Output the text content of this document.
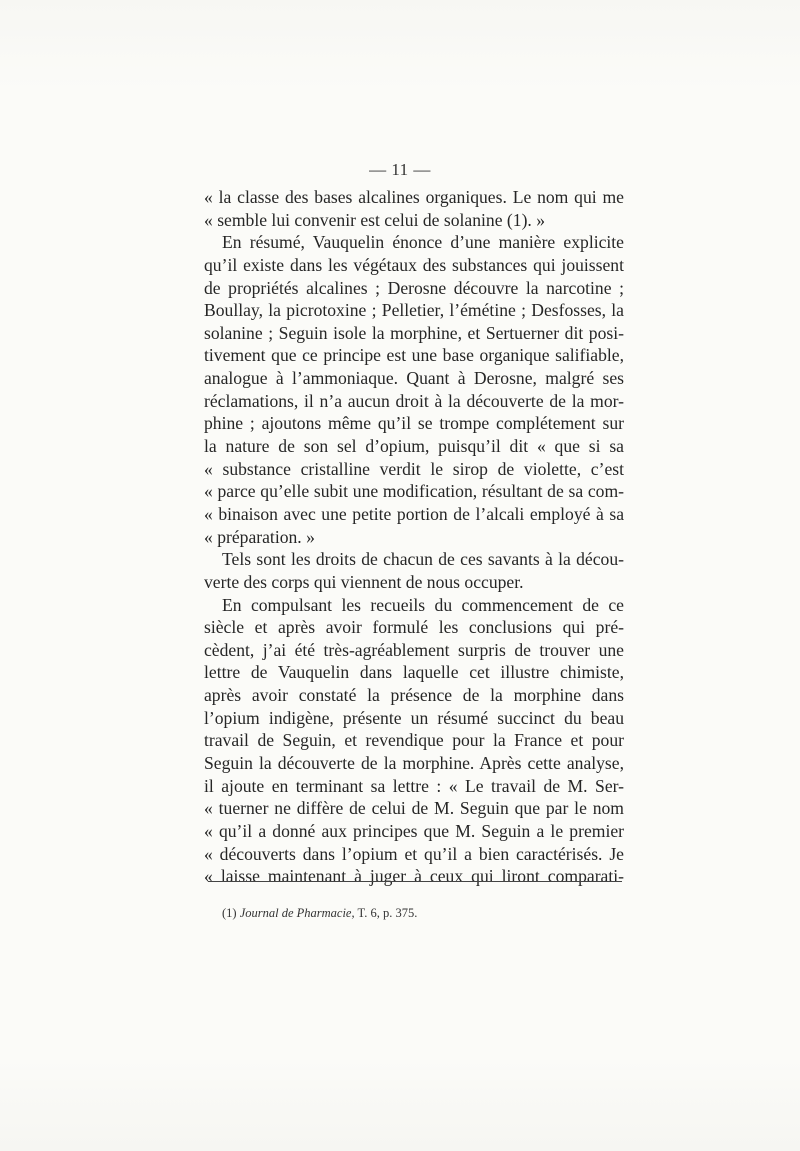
— 11 —
« la classe des bases alcalines organiques. Le nom qui me
« semble lui convenir est celui de solanine (1). »
En résumé, Vauquelin énonce d’une manière explicite
qu’il existe dans les végétaux des substances qui jouissent
de propriétés alcalines ; Derosne découvre la narcotine ;
Boullay, la picrotoxine ; Pelletier, l’émétine ; Desfosses, la
solanine ; Seguin isole la morphine, et Sertuerner dit posi-
tivement que ce principe est une base organique salifiable,
analogue à l’ammoniaque. Quant à Derosne, malgré ses
réclamations, il n’a aucun droit à la découverte de la mor-
phine ; ajoutons même qu’il se trompe complétement sur
la nature de son sel d’opium, puisqu’il dit « que si sa
« substance cristalline verdit le sirop de violette, c’est
« parce qu’elle subit une modification, résultant de sa com-
« binaison avec une petite portion de l’alcali employé à sa
« préparation. »
Tels sont les droits de chacun de ces savants à la décou-
verte des corps qui viennent de nous occuper.
En compulsant les recueils du commencement de ce
siècle et après avoir formulé les conclusions qui pré-
cèdent, j’ai été très-agréablement surpris de trouver une
lettre de Vauquelin dans laquelle cet illustre chimiste,
après avoir constaté la présence de la morphine dans
l’opium indigène, présente un résumé succinct du beau
travail de Seguin, et revendique pour la France et pour
Seguin la découverte de la morphine. Après cette analyse,
il ajoute en terminant sa lettre : « Le travail de M. Ser-
« tuerner ne diffère de celui de M. Seguin que par le nom
« qu’il a donné aux principes que M. Seguin a le premier
« découverts dans l’opium et qu’il a bien caractérisés. Je
« laisse maintenant à juger à ceux qui liront comparati-
(1) Journal de Pharmacie, T. 6, p. 375.
